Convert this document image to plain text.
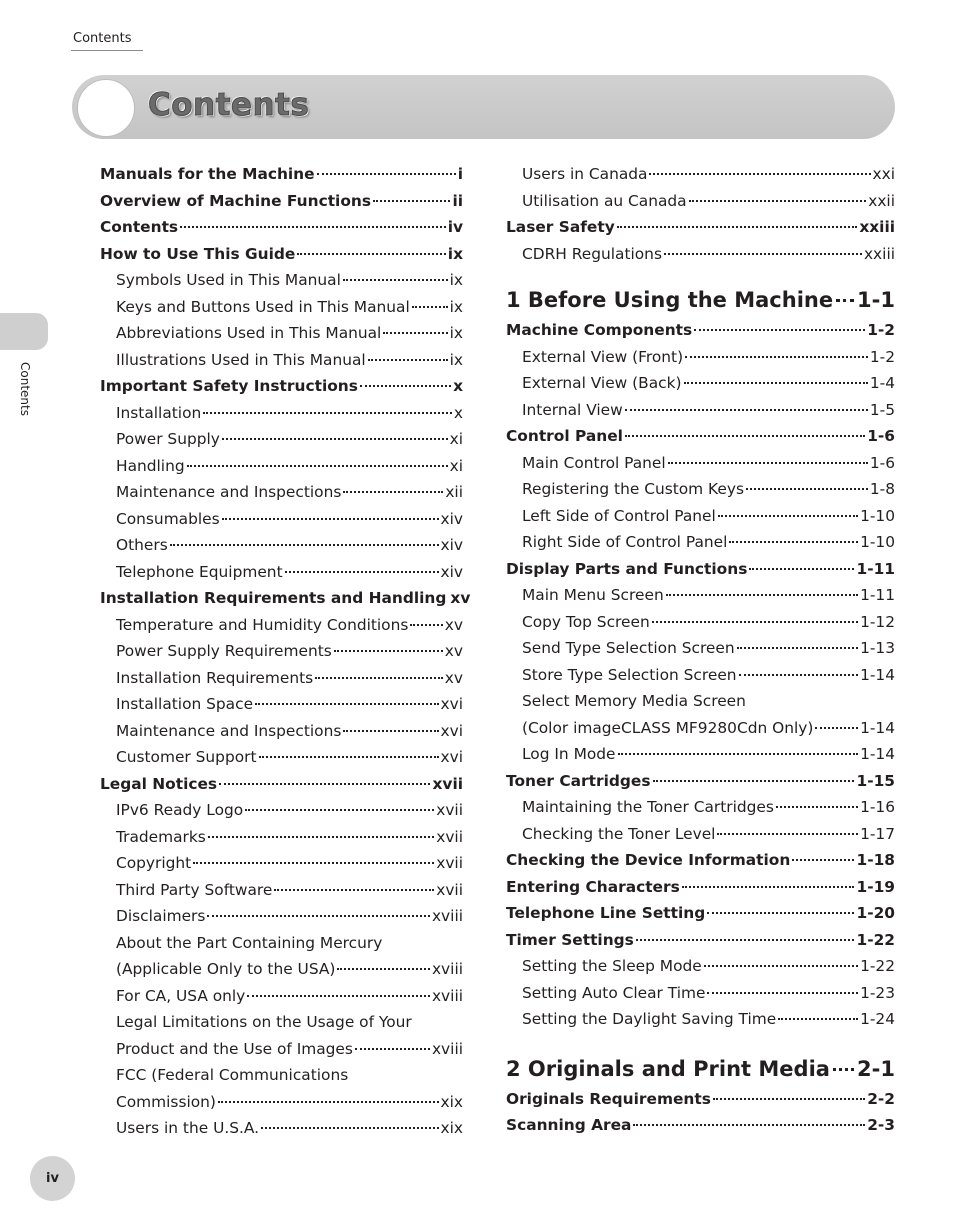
Contents
Contents
Contents
iv
Manuals for the Machine	i
Overview of Machine Functions	ii
Contents	iv
How to Use This Guide	ix
Symbols Used in This Manual	ix
Keys and Buttons Used in This Manual	ix
Abbreviations Used in This Manual	ix
Illustrations Used in This Manual	ix
Important Safety Instructions	x
Installation	x
Power Supply	xi
Handling	xi
Maintenance and Inspections	xii
Consumables	xiv
Others	xiv
Telephone Equipment	xiv
Installation Requirements and Handling xv
Temperature and Humidity Conditions xv
Power Supply Requirements	xv
Installation Requirements	xv
Installation Space	xvi
Maintenance and Inspections	xvi
Customer Support	xvi
Legal Notices	xvii
IPv6 Ready Logo	xvii
Trademarks	xvii
Copyright	xvii
Third Party Software	xvii
Disclaimers	xviii
About the Part Containing Mercury
(Applicable Only to the USA)	xviii
For CA, USA only	xviii
Legal Limitations on the Usage of Your
Product and the Use of Images	xviii
FCC (Federal Communications
Commission)	xix
Users in the U.S.A.	xix
Users in Canada	xxi
Utilisation au Canada	xxii
Laser Safety	xxiii
CDRH Regulations	xxiii
1 Before Using the Machine 1-1
Machine Components	1-2
External View (Front)	1-2
External View (Back)	1-4
Internal View	1-5
Control Panel	1-6
Main Control Panel	1-6
Registering the Custom Keys	1-8
Left Side of Control Panel	1-10
Right Side of Control Panel	1-10
Display Parts and Functions	1-11
Main Menu Screen	1-11
Copy Top Screen	1-12
Send Type Selection Screen	1-13
Store Type Selection Screen	1-14
Select Memory Media Screen
(Color imageCLASS MF9280Cdn Only)	1-14
Log In Mode	1-14
Toner Cartridges	1-15
Maintaining the Toner Cartridges	1-16
Checking the Toner Level	1-17
Checking the Device Information	1-18
Entering Characters	1-19
Telephone Line Setting	1-20
Timer Settings	1-22
Setting the Sleep Mode	1-22
Setting Auto Clear Time	1-23
Setting the Daylight Saving Time	1-24
2 Originals and Print Media 2-1
Originals Requirements	2-2
Scanning Area	2-3
